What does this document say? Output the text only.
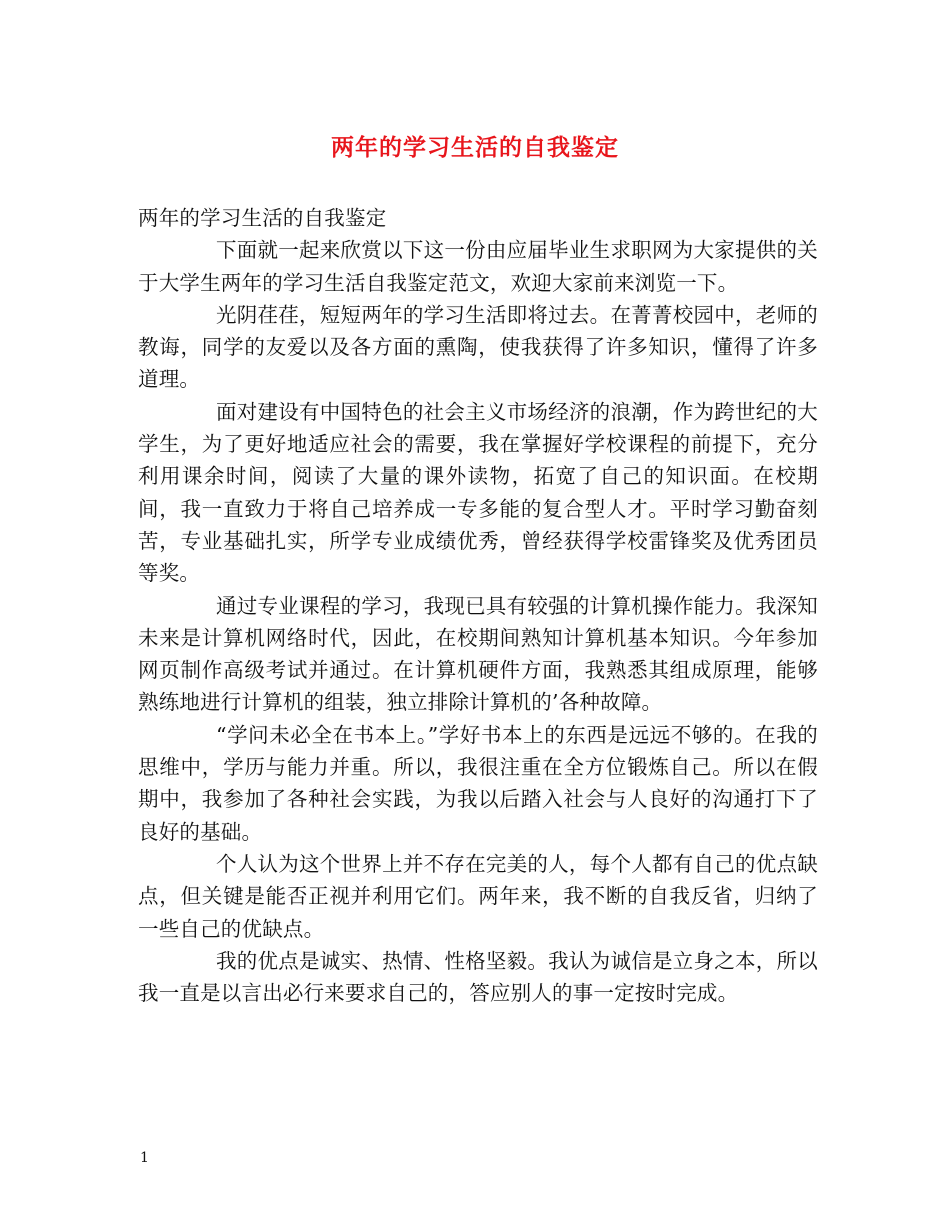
两年的学习生活的自我鉴定

两年的学习生活的自我鉴定

下面就一起来欣赏以下这一份由应届毕业生求职网为大家提供的关于大学生两年的学习生活自我鉴定范文，欢迎大家前来浏览一下。

光阴荏荏，短短两年的学习生活即将过去。在菁菁校园中，老师的教诲，同学的友爱以及各方面的熏陶，使我获得了许多知识，懂得了许多道理。

面对建设有中国特色的社会主义市场经济的浪潮，作为跨世纪的大学生，为了更好地适应社会的需要，我在掌握好学校课程的前提下，充分利用课余时间，阅读了大量的课外读物，拓宽了自己的知识面。在校期间，我一直致力于将自己培养成一专多能的复合型人才。平时学习勤奋刻苦，专业基础扎实，所学专业成绩优秀，曾经获得学校雷锋奖及优秀团员等奖。

通过专业课程的学习，我现已具有较强的计算机操作能力。我深知未来是计算机网络时代，因此，在校期间熟知计算机基本知识。今年参加网页制作高级考试并通过。在计算机硬件方面，我熟悉其组成原理，能够熟练地进行计算机的组装，独立排除计算机的’各种故障。

“学问未必全在书本上。”学好书本上的东西是远远不够的。在我的思维中，学历与能力并重。所以，我很注重在全方位锻炼自己。所以在假期中，我参加了各种社会实践，为我以后踏入社会与人良好的沟通打下了良好的基础。

个人认为这个世界上并不存在完美的人，每个人都有自己的优点缺点，但关键是能否正视并利用它们。两年来，我不断的自我反省，归纳了一些自己的优缺点。

我的优点是诚实、热情、性格坚毅。我认为诚信是立身之本，所以我一直是以言出必行来要求自己的，答应别人的事一定按时完成。

1
